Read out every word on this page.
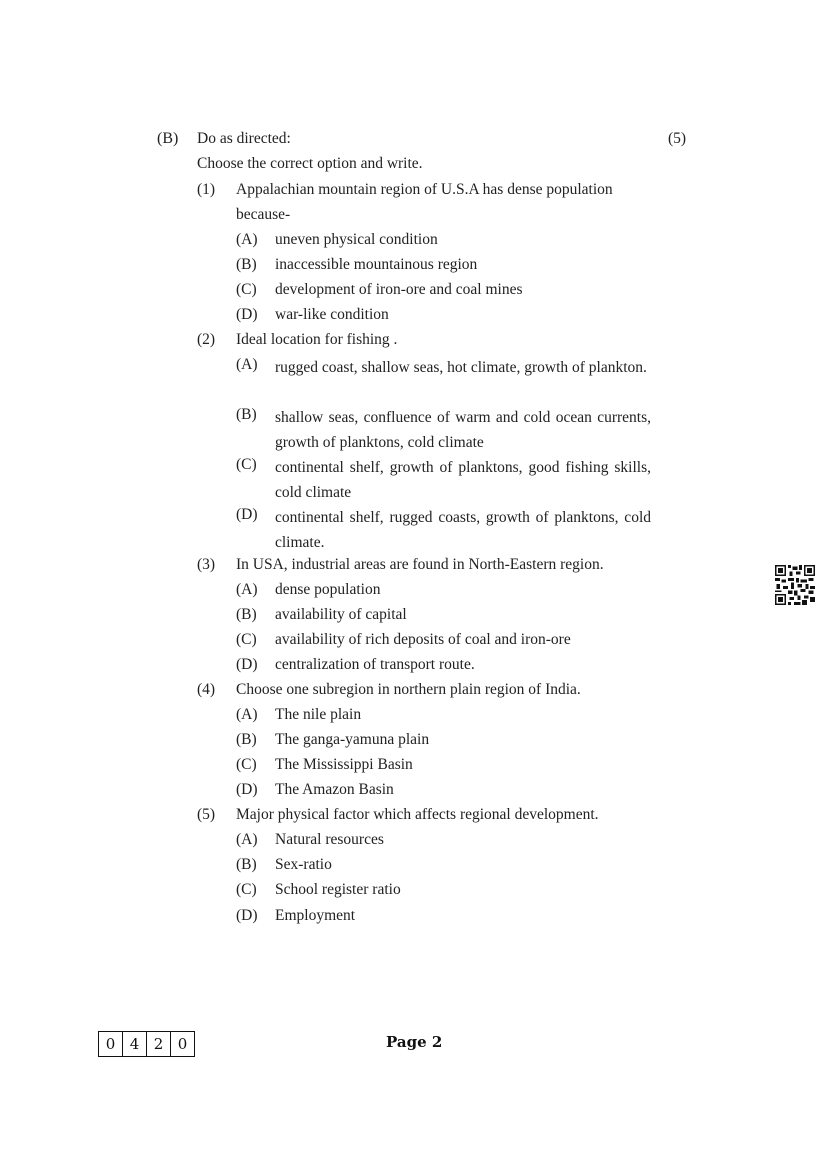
(B) Do as directed:	(5)
Choose the correct option and write.
(1) Appalachian mountain region of U.S.A has dense population
because-
(A) uneven physical condition
(B) inaccessible mountainous region
(C) development of iron-ore and coal mines
(D) war-like condition
(2) Ideal location for fishing .
(A) rugged coast, shallow seas, hot climate, growth of plankton.
(B) shallow seas, confluence of warm and cold ocean currents, growth of planktons, cold climate
(C) continental shelf, growth of planktons, good fishing skills, cold climate
(D) continental shelf, rugged coasts, growth of planktons, cold climate.
(3) In USA, industrial areas are found in North-Eastern region.
(A) dense population
(B) availability of capital
(C) availability of rich deposits of coal and iron-ore
(D) centralization of transport route.
(4) Choose one subregion in northern plain region of India.
(A) The nile plain
(B) The ganga-yamuna plain
(C) The Mississippi Basin
(D) The Amazon Basin
(5) Major physical factor which affects regional development.
(A) Natural resources
(B) Sex-ratio
(C) School register ratio
(D) Employment
0 4 2 0	Page 2
